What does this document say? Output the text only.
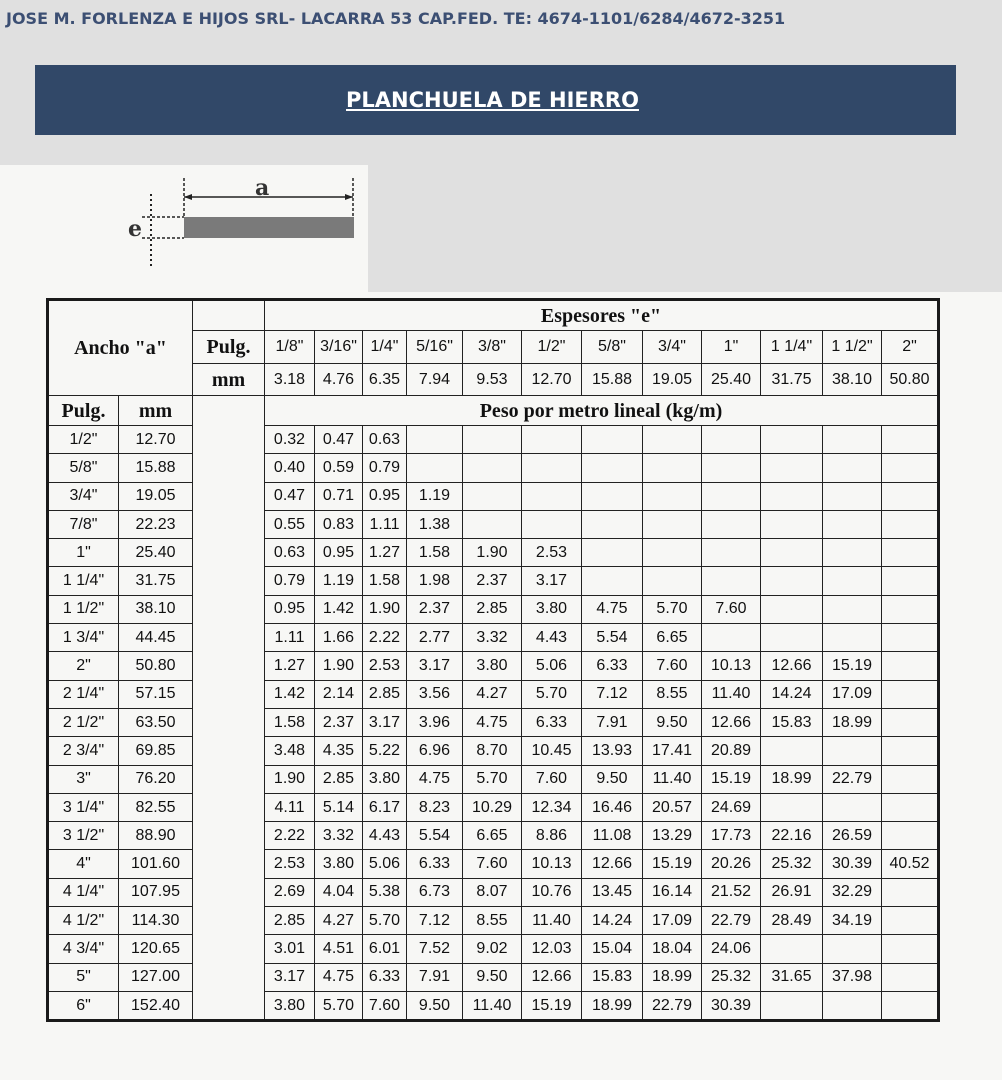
JOSE M. FORLENZA E HIJOS SRL- LACARRA 53 CAP.FED. TE: 4674-1101/6284/4672-3251
PLANCHUELA DE HIERRO
a
e
Ancho "a"			Espesores "e"											
		Pulg.	1/8"	3/16"	1/4"	5/16"	3/8"	1/2"	5/8"	3/4"	1"	1 1/4"	1 1/2"	2"
		mm	3.18	4.76	6.35	7.94	9.53	12.70	15.88	19.05	25.40	31.75	38.10	50.80
Pulg.	mm		Peso por metro lineal (kg/m)											
1/2"	12.70		0.32	0.47	0.63									
5/8"	15.88		0.40	0.59	0.79									
3/4"	19.05		0.47	0.71	0.95	1.19								
7/8"	22.23		0.55	0.83	1.11	1.38								
1"	25.40		0.63	0.95	1.27	1.58	1.90	2.53						
1 1/4"	31.75		0.79	1.19	1.58	1.98	2.37	3.17						
1 1/2"	38.10		0.95	1.42	1.90	2.37	2.85	3.80	4.75	5.70	7.60			
1 3/4"	44.45		1.11	1.66	2.22	2.77	3.32	4.43	5.54	6.65				
2"	50.80		1.27	1.90	2.53	3.17	3.80	5.06	6.33	7.60	10.13	12.66	15.19	
2 1/4"	57.15		1.42	2.14	2.85	3.56	4.27	5.70	7.12	8.55	11.40	14.24	17.09	
2 1/2"	63.50		1.58	2.37	3.17	3.96	4.75	6.33	7.91	9.50	12.66	15.83	18.99	
2 3/4"	69.85		3.48	4.35	5.22	6.96	8.70	10.45	13.93	17.41	20.89			
3"	76.20		1.90	2.85	3.80	4.75	5.70	7.60	9.50	11.40	15.19	18.99	22.79	
3 1/4"	82.55		4.11	5.14	6.17	8.23	10.29	12.34	16.46	20.57	24.69			
3 1/2"	88.90		2.22	3.32	4.43	5.54	6.65	8.86	11.08	13.29	17.73	22.16	26.59	
4"	101.60		2.53	3.80	5.06	6.33	7.60	10.13	12.66	15.19	20.26	25.32	30.39	40.52
4 1/4"	107.95		2.69	4.04	5.38	6.73	8.07	10.76	13.45	16.14	21.52	26.91	32.29	
4 1/2"	114.30		2.85	4.27	5.70	7.12	8.55	11.40	14.24	17.09	22.79	28.49	34.19	
4 3/4"	120.65		3.01	4.51	6.01	7.52	9.02	12.03	15.04	18.04	24.06			
5"	127.00		3.17	4.75	6.33	7.91	9.50	12.66	15.83	18.99	25.32	31.65	37.98	
6"	152.40		3.80	5.70	7.60	9.50	11.40	15.19	18.99	22.79	30.39			
